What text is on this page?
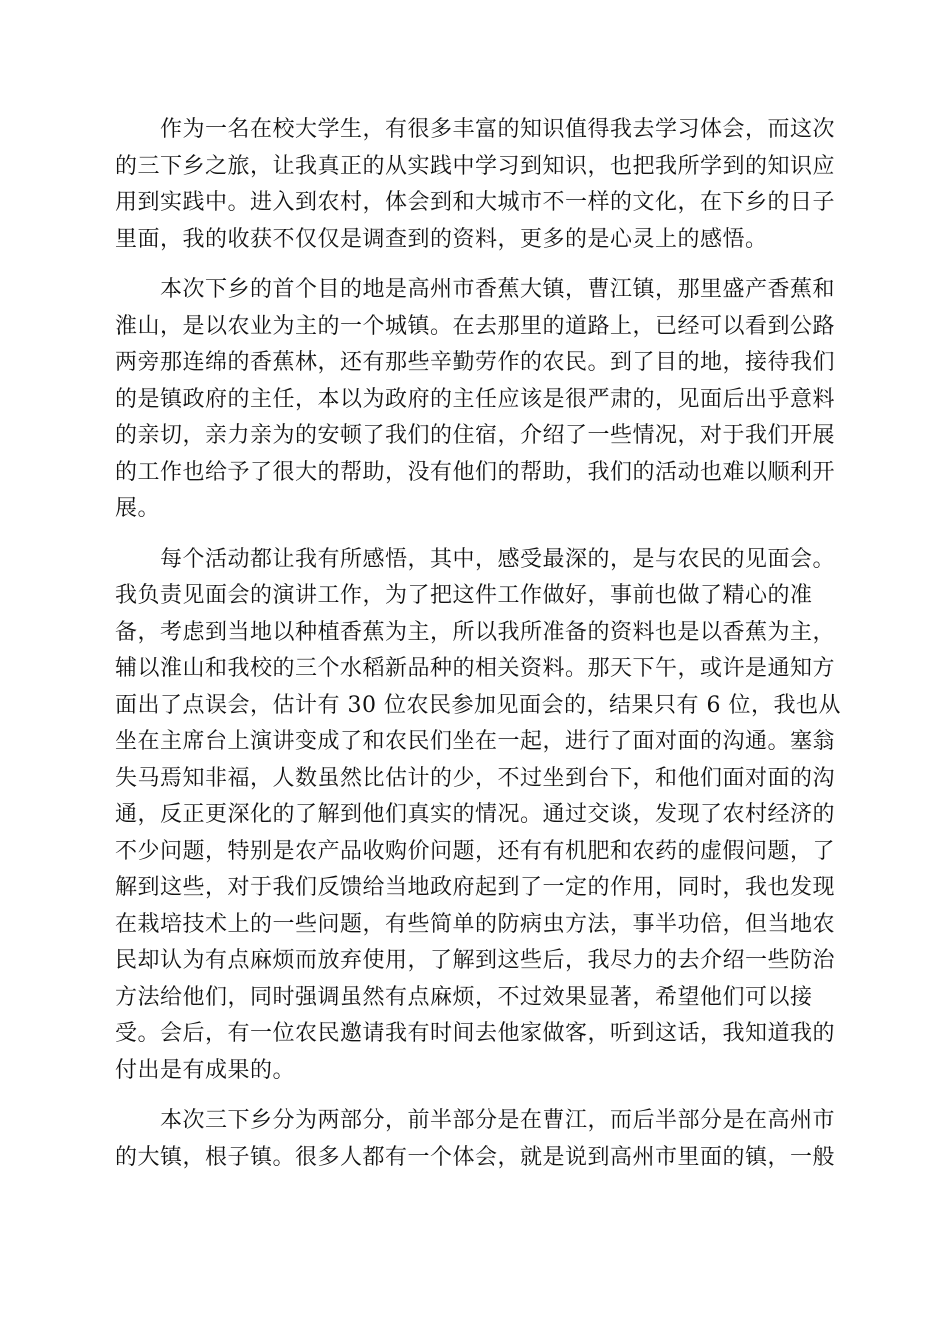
作为一名在校大学生，有很多丰富的知识值得我去学习体会，而这次
的三下乡之旅，让我真正的从实践中学习到知识，也把我所学到的知识应
用到实践中。进入到农村，体会到和大城市不一样的文化，在下乡的日子
里面，我的收获不仅仅是调查到的资料，更多的是心灵上的感悟。

本次下乡的首个目的地是高州市香蕉大镇，曹江镇，那里盛产香蕉和
淮山，是以农业为主的一个城镇。在去那里的道路上，已经可以看到公路
两旁那连绵的香蕉林，还有那些辛勤劳作的农民。到了目的地，接待我们
的是镇政府的主任，本以为政府的主任应该是很严肃的，见面后出乎意料
的亲切，亲力亲为的安顿了我们的住宿，介绍了一些情况，对于我们开展
的工作也给予了很大的帮助，没有他们的帮助，我们的活动也难以顺利开
展。

每个活动都让我有所感悟，其中，感受最深的，是与农民的见面会。
我负责见面会的演讲工作，为了把这件工作做好，事前也做了精心的准
备，考虑到当地以种植香蕉为主，所以我所准备的资料也是以香蕉为主，
辅以淮山和我校的三个水稻新品种的相关资料。那天下午，或许是通知方
面出了点误会，估计有 30 位农民参加见面会的，结果只有 6 位，我也从
坐在主席台上演讲变成了和农民们坐在一起，进行了面对面的沟通。塞翁
失马焉知非福，人数虽然比估计的少，不过坐到台下，和他们面对面的沟
通，反正更深化的了解到他们真实的情况。通过交谈，发现了农村经济的
不少问题，特别是农产品收购价问题，还有有机肥和农药的虚假问题，了
解到这些，对于我们反馈给当地政府起到了一定的作用，同时，我也发现
在栽培技术上的一些问题，有些简单的防病虫方法，事半功倍，但当地农
民却认为有点麻烦而放弃使用，了解到这些后，我尽力的去介绍一些防治
方法给他们，同时强调虽然有点麻烦，不过效果显著，希望他们可以接
受。会后，有一位农民邀请我有时间去他家做客，听到这话，我知道我的
付出是有成果的。

本次三下乡分为两部分，前半部分是在曹江，而后半部分是在高州市
的大镇，根子镇。很多人都有一个体会，就是说到高州市里面的镇，一般
